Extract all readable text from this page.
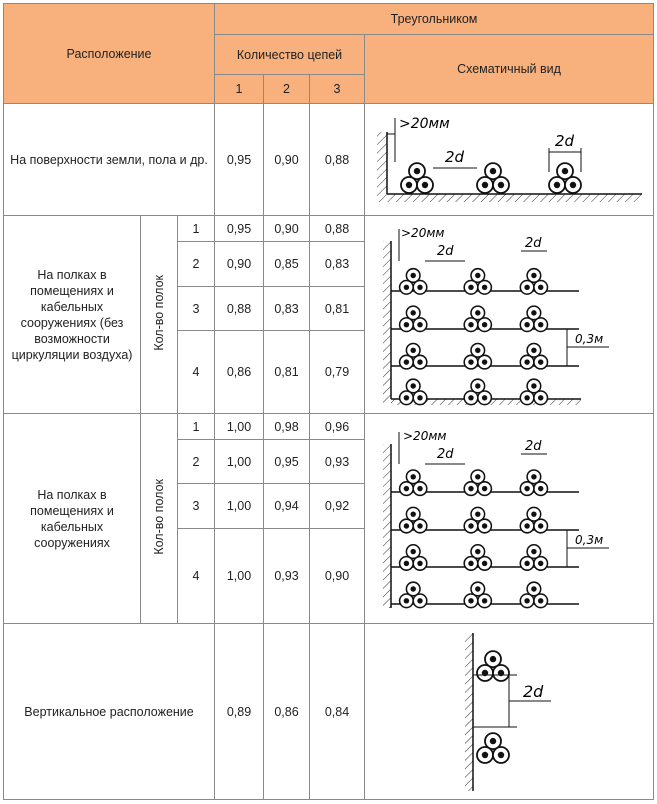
Расположение			Треугольником			
			Количество цепей			Схематичный вид
			1	2	3	
На поверхности земли, пола и др.			0,95	0,90	0,88	>20мм
2d
2d

На полках в помещениях и кабельных сооружениях (без возможности циркуляции воздуха)	Кол-во полок	1	0,95	0,90	0,88	>20мм
2d
2d
0,3м

		2	0,90	0,85	0,83	
		3	0,88	0,83	0,81	
		4	0,86	0,81	0,79	
На полках в помещениях и кабельных сооружениях	Кол-во полок	1	1,00	0,98	0,96	>20мм
2d
2d
0,3м

		2	1,00	0,95	0,93	
		3	1,00	0,94	0,92	
		4	1,00	0,93	0,90	
Вертикальное расположение			0,89	0,86	0,84	2d
